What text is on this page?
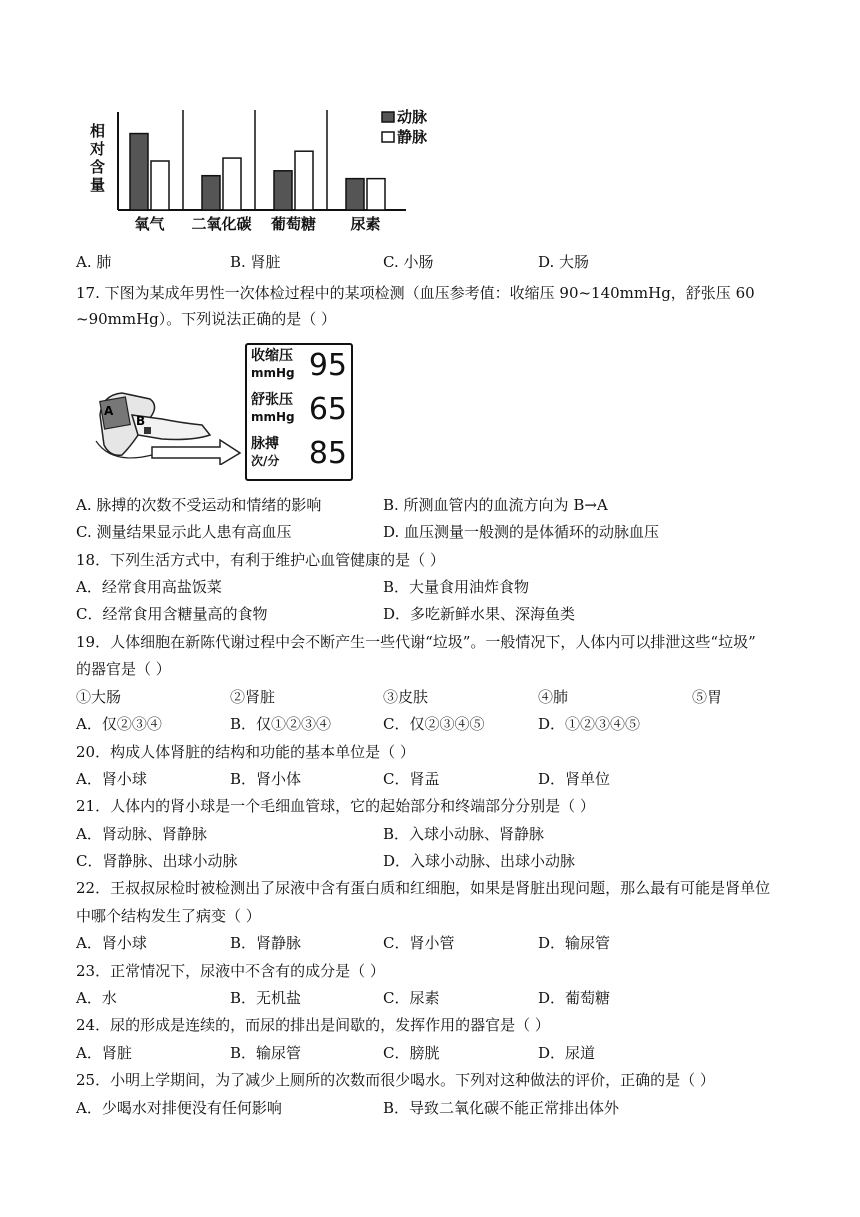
相
对
含
量
氧气 二氧化碳 葡萄糖 尿素
动脉
静脉
A. 肺	B. 肾脏	C. 小肠	D. 大肠
17. 下图为某成年男性一次体检过程中的某项检测（血压参考值：收缩压 90~140mmHg，舒张压 60
~90mmHg）。下列说法正确的是（ ）
A
B
收缩压
mmHg 95
舒张压
mmHg 65
脉搏
次/分 85
A. 脉搏的次数不受运动和情绪的影响	B. 所测血管内的血流方向为 B→A
C. 测量结果显示此人患有高血压	D. 血压测量一般测的是体循环的动脉血压
18．下列生活方式中，有利于维护心血管健康的是（ ）
A．经常食用高盐饭菜	B．大量食用油炸食物
C．经常食用含糖量高的食物	D．多吃新鲜水果、深海鱼类
19．人体细胞在新陈代谢过程中会不断产生一些代谢“垃圾”。一般情况下，人体内可以排泄这些“垃圾”
的器官是（ ）
①大肠	②肾脏	③皮肤	④肺	⑤胃
A．仅②③④	B．仅①②③④	C．仅②③④⑤	D．①②③④⑤
20．构成人体肾脏的结构和功能的基本单位是（ ）
A．肾小球	B．肾小体	C．肾盂	D．肾单位
21．人体内的肾小球是一个毛细血管球，它的起始部分和终端部分分别是（ ）
A．肾动脉、肾静脉	B．入球小动脉、肾静脉
C．肾静脉、出球小动脉	D．入球小动脉、出球小动脉
22．王叔叔尿检时被检测出了尿液中含有蛋白质和红细胞，如果是肾脏出现问题，那么最有可能是肾单位
中哪个结构发生了病变（ ）
A．肾小球	B．肾静脉	C．肾小管	D．输尿管
23．正常情况下，尿液中不含有的成分是（ ）
A．水	B．无机盐	C．尿素	D．葡萄糖
24．尿的形成是连续的，而尿的排出是间歇的，发挥作用的器官是（ ）
A．肾脏	B．输尿管	C．膀胱	D．尿道
25．小明上学期间，为了减少上厕所的次数而很少喝水。下列对这种做法的评价，正确的是（ ）
A．少喝水对排便没有任何影响	B．导致二氧化碳不能正常排出体外
